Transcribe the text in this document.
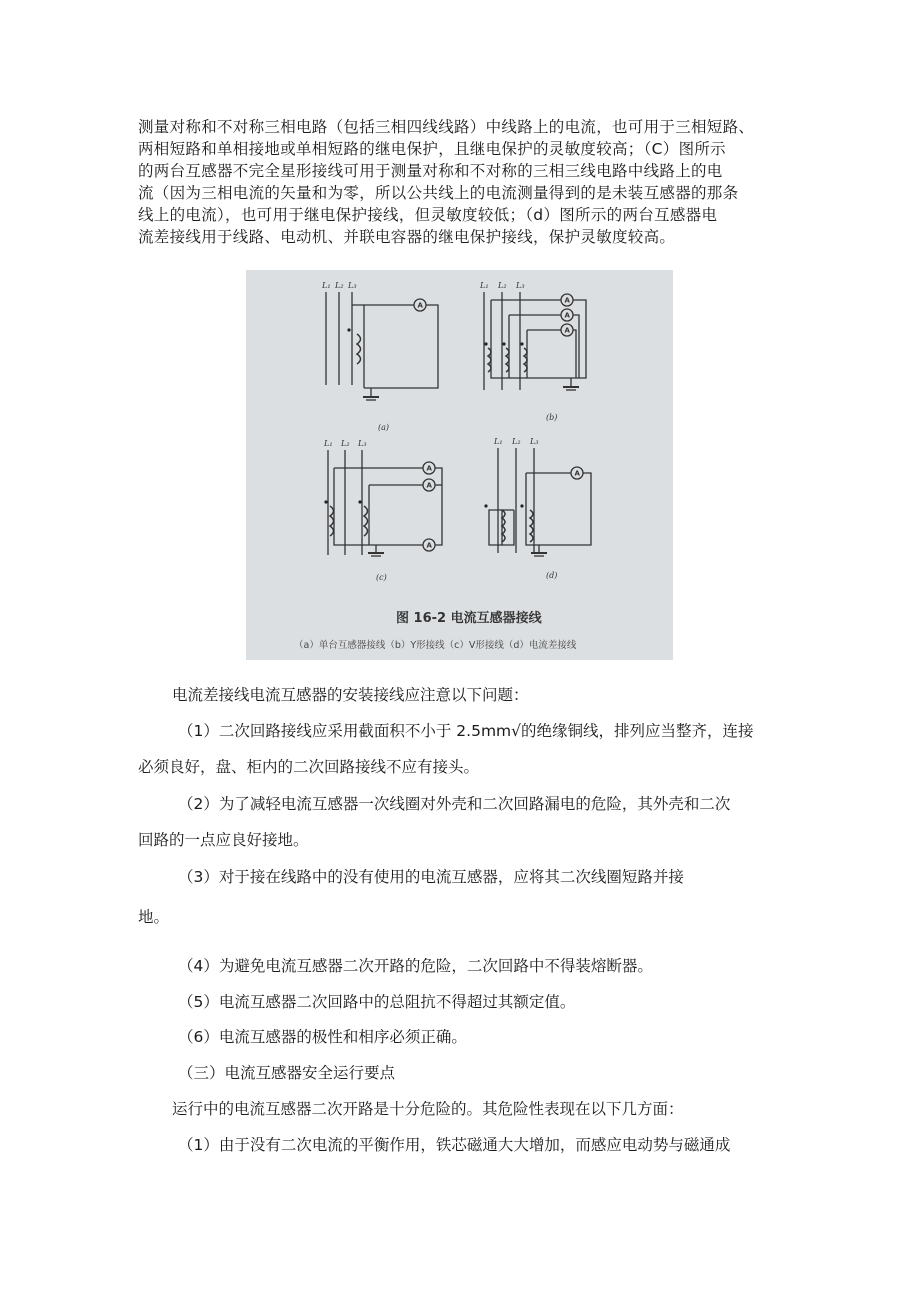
测量对称和不对称三相电路（包括三相四线线路）中线路上的电流，也可用于三相短路、

两相短路和单相接地或单相短路的继电保护，且继电保护的灵敏度较高；（C）图所示

的两台互感器不完全星形接线可用于测量对称和不对称的三相三线电路中线路上的电

流（因为三相电流的矢量和为零，所以公共线上的电流测量得到的是未装互感器的那条

线上的电流），也可用于继电保护接线，但灵敏度较低；（d）图所示的两台互感器电

流差接线用于线路、电动机、并联电容器的继电保护接线，保护灵敏度较高。

L₁ L₂ L₃	L₁ L₂ L₃
L₁ L₂ L₃	L₁ L₂ L₃
A
A
A
A
A
A
A
A
(a)
(b)
(c)	(d)
图 16-2 电流互感器接线
（a）单台互感器接线（b）Y形接线（c）V形接线（d）电流差接线
电流差接线电流互感器的安装接线应注意以下问题：
（1）二次回路接线应采用截面积不小于 2.5mm√的绝缘铜线，排列应当整齐，连接
必须良好，盘、柜内的二次回路接线不应有接头。
（2）为了减轻电流互感器一次线圈对外壳和二次回路漏电的危险，其外壳和二次
回路的一点应良好接地。
（3）对于接在线路中的没有使用的电流互感器，应将其二次线圈短路并接
地。
（4）为避免电流互感器二次开路的危险，二次回路中不得装熔断器。
（5）电流互感器二次回路中的总阻抗不得超过其额定值。
（6）电流互感器的极性和相序必须正确。
（三）电流互感器安全运行要点
运行中的电流互感器二次开路是十分危险的。其危险性表现在以下几方面：
（1）由于没有二次电流的平衡作用，铁芯磁通大大增加，而感应电动势与磁通成
